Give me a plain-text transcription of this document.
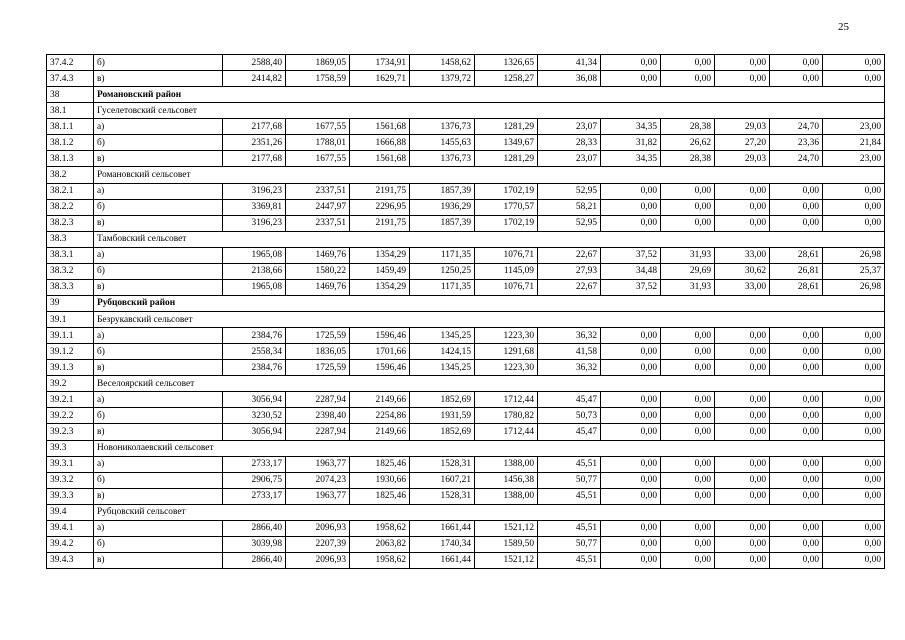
25
37.4.2	б)	2588,40	1869,05	1734,91	1458,62	1326,65	41,34	0,00	0,00	0,00	0,00	0,00
37.4.3	в)	2414,82	1758,59	1629,71	1379,72	1258,27	36,08	0,00	0,00	0,00	0,00	0,00
38	Романовский район											
38.1	Гуселетовский сельсовет											
38.1.1	а)	2177,68	1677,55	1561,68	1376,73	1281,29	23,07	34,35	28,38	29,03	24,70	23,00
38.1.2	б)	2351,26	1788,01	1666,88	1455,63	1349,67	28,33	31,82	26,62	27,20	23,36	21,84
38.1.3	в)	2177,68	1677,55	1561,68	1376,73	1281,29	23,07	34,35	28,38	29,03	24,70	23,00
38.2	Романовский сельсовет											
38.2.1	а)	3196,23	2337,51	2191,75	1857,39	1702,19	52,95	0,00	0,00	0,00	0,00	0,00
38.2.2	б)	3369,81	2447,97	2296,95	1936,29	1770,57	58,21	0,00	0,00	0,00	0,00	0,00
38.2.3	в)	3196,23	2337,51	2191,75	1857,39	1702,19	52,95	0,00	0,00	0,00	0,00	0,00
38.3	Тамбовский сельсовет											
38.3.1	а)	1965,08	1469,76	1354,29	1171,35	1076,71	22,67	37,52	31,93	33,00	28,61	26,98
38.3.2	б)	2138,66	1580,22	1459,49	1250,25	1145,09	27,93	34,48	29,69	30,62	26,81	25,37
38.3.3	в)	1965,08	1469,76	1354,29	1171,35	1076,71	22,67	37,52	31,93	33,00	28,61	26,98
39	Рубцовский район											
39.1	Безрукавский сельсовет											
39.1.1	а)	2384,76	1725,59	1596,46	1345,25	1223,30	36,32	0,00	0,00	0,00	0,00	0,00
39.1.2	б)	2558,34	1836,05	1701,66	1424,15	1291,68	41,58	0,00	0,00	0,00	0,00	0,00
39.1.3	в)	2384,76	1725,59	1596,46	1345,25	1223,30	36,32	0,00	0,00	0,00	0,00	0,00
39.2	Веселоярский сельсовет											
39.2.1	а)	3056,94	2287,94	2149,66	1852,69	1712,44	45,47	0,00	0,00	0,00	0,00	0,00
39.2.2	б)	3230,52	2398,40	2254,86	1931,59	1780,82	50,73	0,00	0,00	0,00	0,00	0,00
39.2.3	в)	3056,94	2287,94	2149,66	1852,69	1712,44	45,47	0,00	0,00	0,00	0,00	0,00
39.3	Новониколаевский сельсовет											
39.3.1	а)	2733,17	1963,77	1825,46	1528,31	1388,00	45,51	0,00	0,00	0,00	0,00	0,00
39.3.2	б)	2906,75	2074,23	1930,66	1607,21	1456,38	50,77	0,00	0,00	0,00	0,00	0,00
39.3.3	в)	2733,17	1963,77	1825,46	1528,31	1388,00	45,51	0,00	0,00	0,00	0,00	0,00
39.4	Рубцовский сельсовет											
39.4.1	а)	2866,40	2096,93	1958,62	1661,44	1521,12	45,51	0,00	0,00	0,00	0,00	0,00
39.4.2	б)	3039,98	2207,39	2063,82	1740,34	1589,50	50,77	0,00	0,00	0,00	0,00	0,00
39.4.3	в)	2866,40	2096,93	1958,62	1661,44	1521,12	45,51	0,00	0,00	0,00	0,00	0,00
